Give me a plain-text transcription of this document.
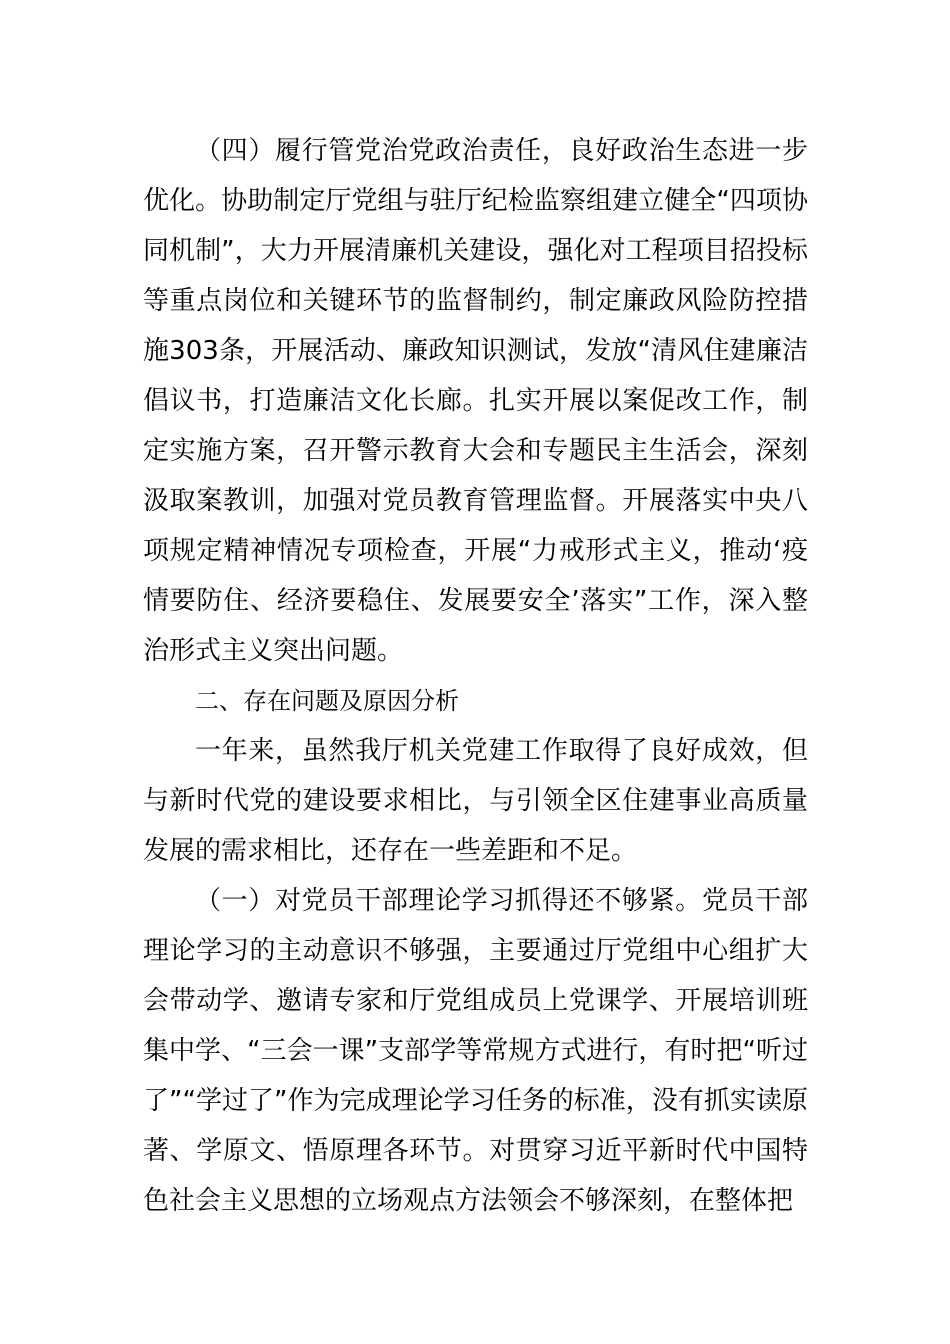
（四）履行管党治党政治责任，良好政治生态进一步优化。协助制定厅党组与驻厅纪检监察组建立健全“四项协同机制”，大力开展清廉机关建设，强化对工程项目招投标等重点岗位和关键环节的监督制约，制定廉政风险防控措施303条，开展活动、廉政知识测试，发放“清风住建廉洁倡议书，打造廉洁文化长廊。扎实开展以案促改工作，制定实施方案，召开警示教育大会和专题民主生活会，深刻汲取案教训，加强对党员教育管理监督。开展落实中央八项规定精神情况专项检查，开展“力戒形式主义，推动‘疫情要防住、经济要稳住、发展要安全’落实”工作，深入整治形式主义突出问题。

二、存在问题及原因分析

一年来，虽然我厅机关党建工作取得了良好成效，但与新时代党的建设要求相比，与引领全区住建事业高质量发展的需求相比，还存在一些差距和不足。

（一）对党员干部理论学习抓得还不够紧。党员干部理论学习的主动意识不够强，主要通过厅党组中心组扩大会带动学、邀请专家和厅党组成员上党课学、开展培训班集中学、“三会一课”支部学等常规方式进行，有时把“听过了”“学过了”作为完成理论学习任务的标准，没有抓实读原著、学原文、悟原理各环节。对贯穿习近平新时代中国特色社会主义思想的立场观点方法领会不够深刻，在整体把
